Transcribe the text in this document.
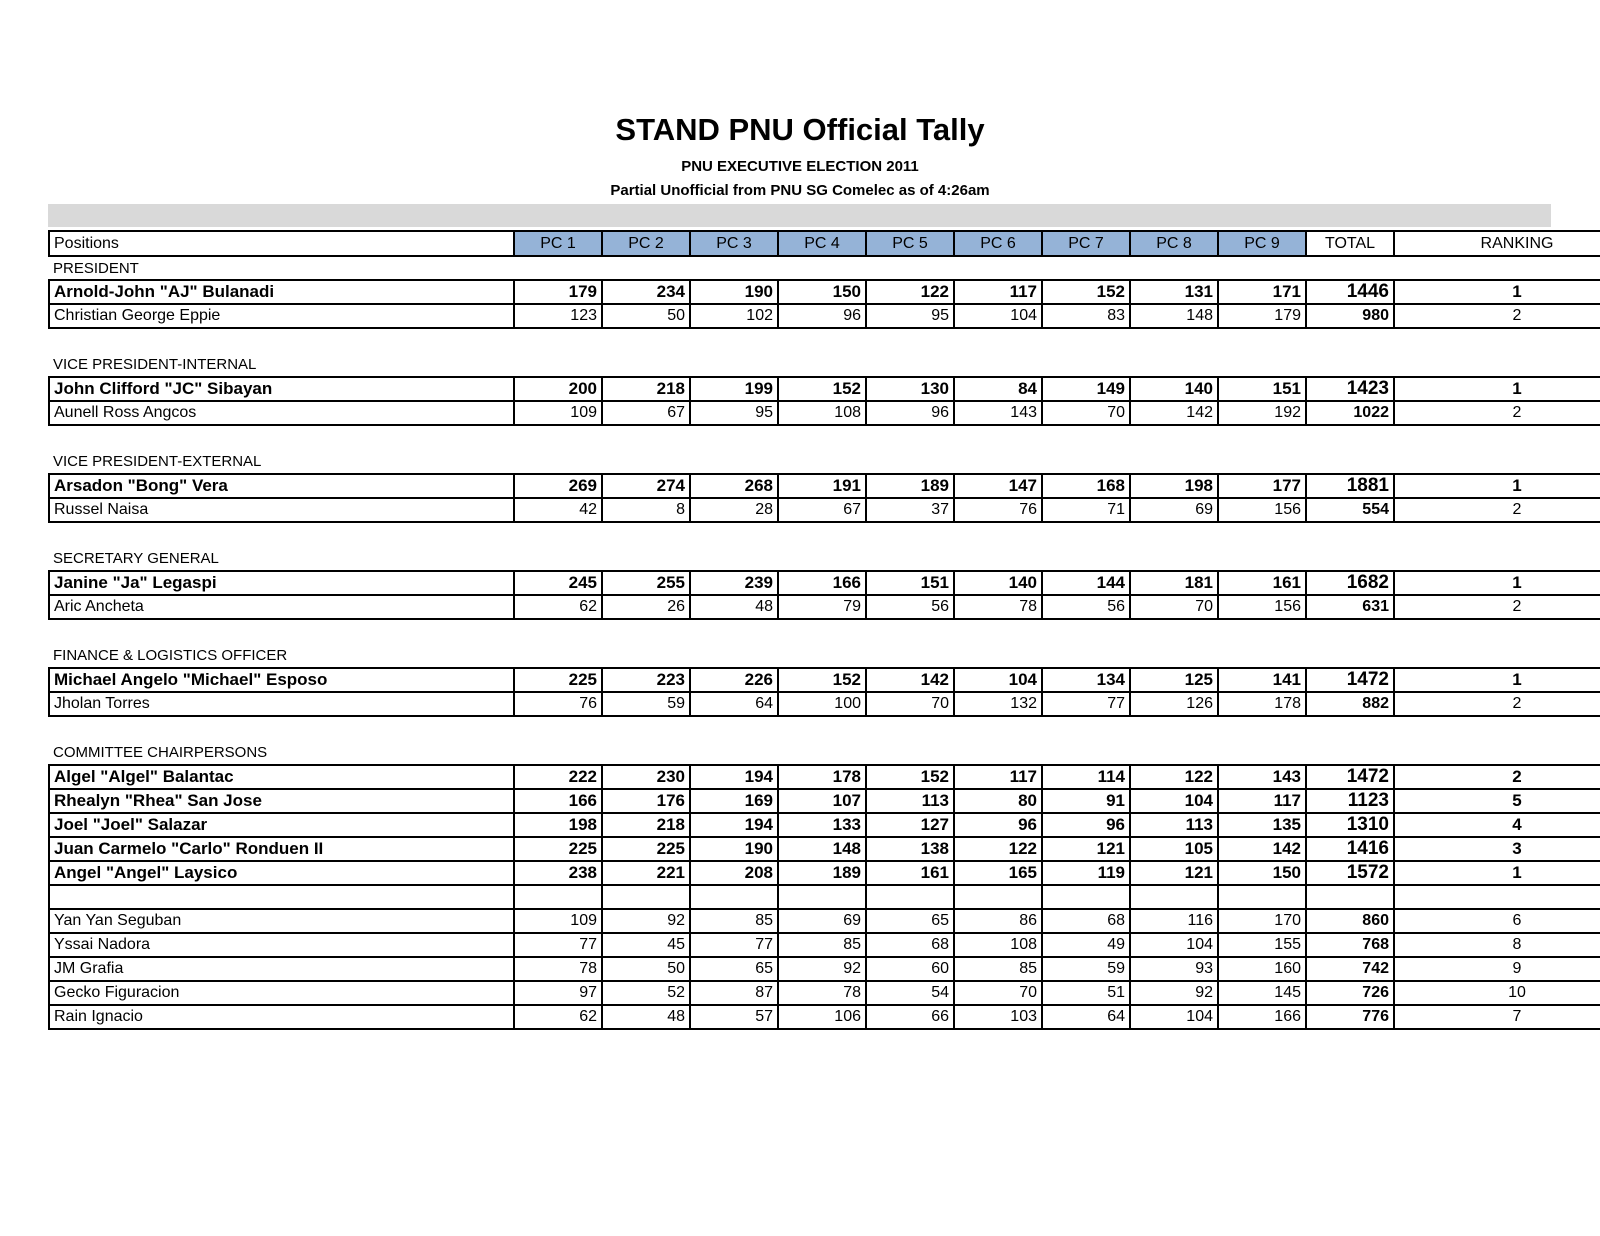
STAND PNU Official Tally
PNU EXECUTIVE ELECTION 2011
Partial Unofficial from PNU SG Comelec as of 4:26am
Positions	PC 1	PC 2	PC 3	PC 4	PC 5	PC 6	PC 7	PC 8	PC 9	TOTAL	RANKING
PRESIDENT											
Arnold-John "AJ" Bulanadi	179	234	190	150	122	117	152	131	171	1446	1
Christian George Eppie	123	50	102	96	95	104	83	148	179	980	2

VICE PRESIDENT-INTERNAL											
John Clifford "JC" Sibayan	200	218	199	152	130	84	149	140	151	1423	1
Aunell Ross Angcos	109	67	95	108	96	143	70	142	192	1022	2

VICE PRESIDENT-EXTERNAL											
Arsadon "Bong" Vera	269	274	268	191	189	147	168	198	177	1881	1
Russel Naisa	42	8	28	67	37	76	71	69	156	554	2

SECRETARY GENERAL											
Janine "Ja" Legaspi	245	255	239	166	151	140	144	181	161	1682	1
Aric Ancheta	62	26	48	79	56	78	56	70	156	631	2

FINANCE & LOGISTICS OFFICER											
Michael Angelo "Michael" Esposo	225	223	226	152	142	104	134	125	141	1472	1
Jholan Torres	76	59	64	100	70	132	77	126	178	882	2

COMMITTEE CHAIRPERSONS											
Algel "Algel" Balantac	222	230	194	178	152	117	114	122	143	1472	2
Rhealyn "Rhea" San Jose	166	176	169	107	113	80	91	104	117	1123	5
Joel "Joel" Salazar	198	218	194	133	127	96	96	113	135	1310	4
Juan Carmelo "Carlo" Ronduen II	225	225	190	148	138	122	121	105	142	1416	3
Angel "Angel" Laysico	238	221	208	189	161	165	119	121	150	1572	1

Yan Yan Seguban	109	92	85	69	65	86	68	116	170	860	6
Yssai Nadora	77	45	77	85	68	108	49	104	155	768	8
JM Grafia	78	50	65	92	60	85	59	93	160	742	9
Gecko Figuracion	97	52	87	78	54	70	51	92	145	726	10
Rain Ignacio	62	48	57	106	66	103	64	104	166	776	7
